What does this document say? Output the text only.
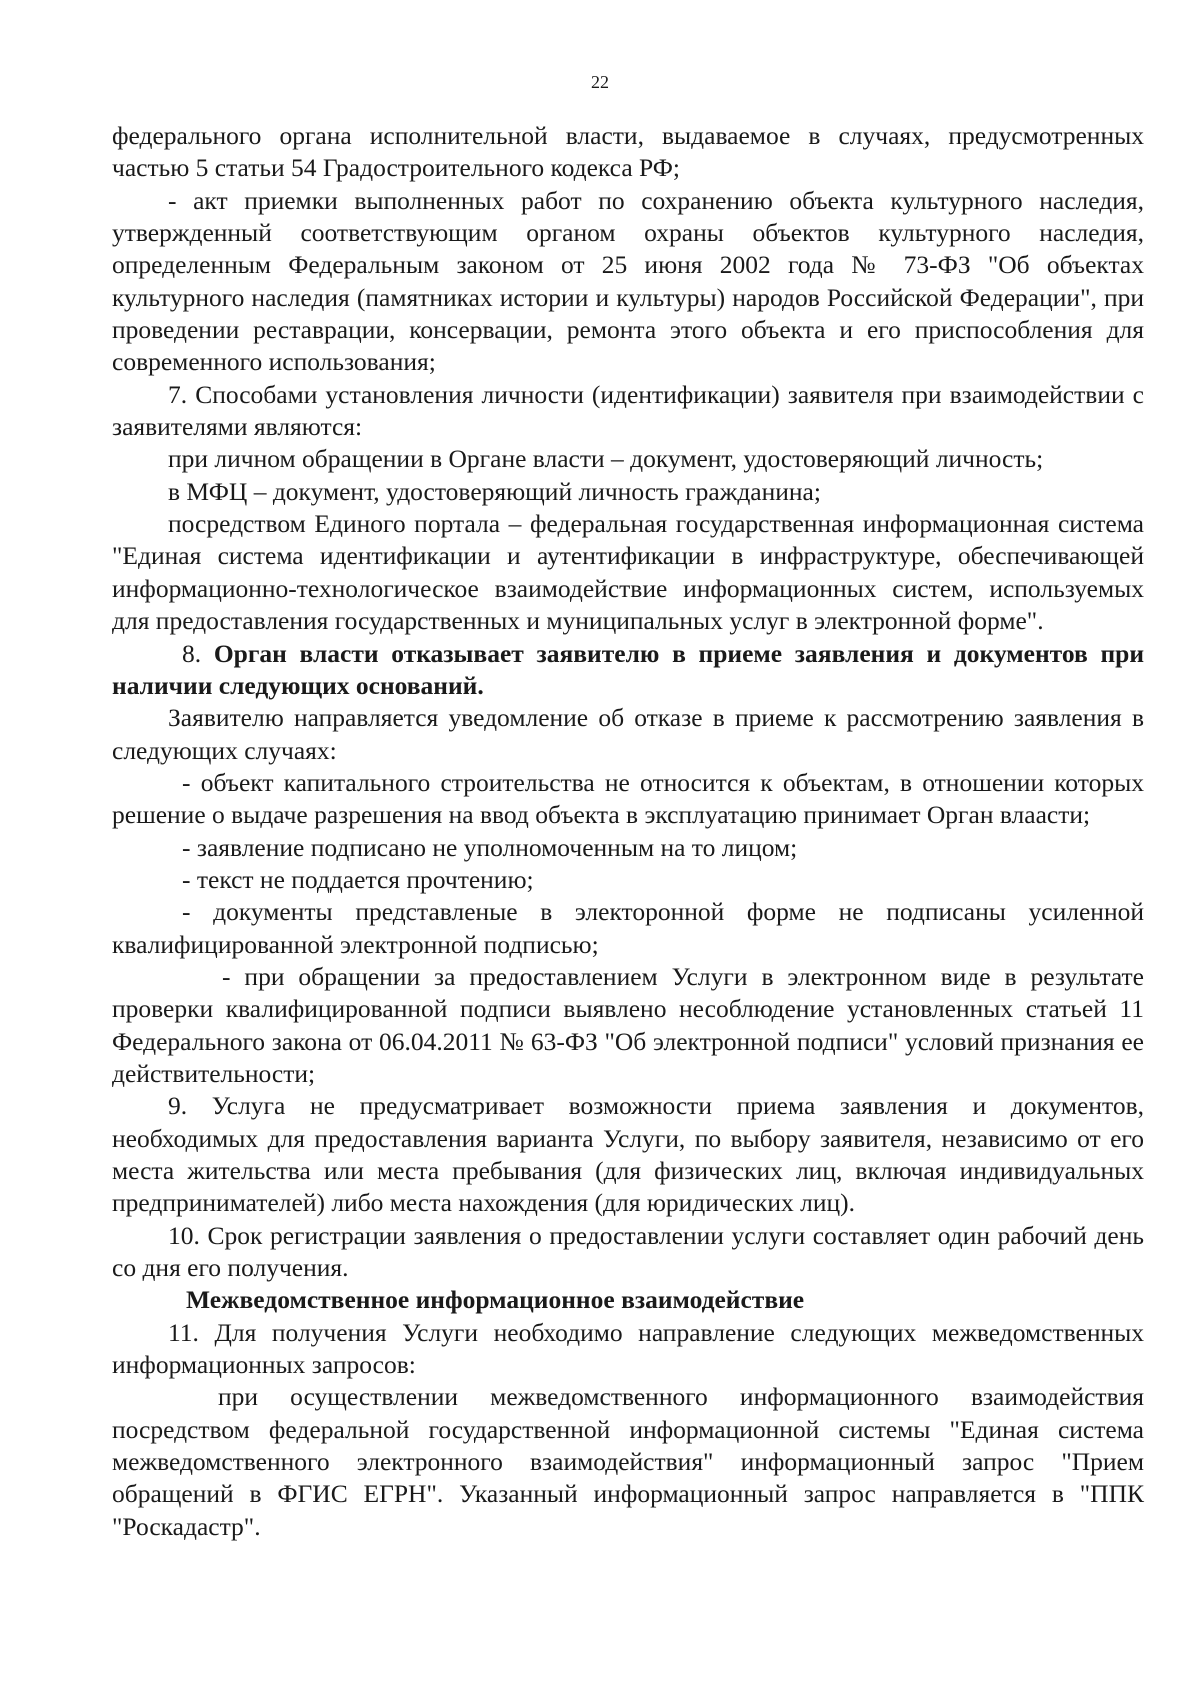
22

федерального органа исполнительной власти, выдаваемое в случаях, предусмотренных частью 5 статьи 54 Градостроительного кодекса РФ;

- акт приемки выполненных работ по сохранению объекта культурного наследия, утвержденный соответствующим органом охраны объектов культурного наследия, определенным Федеральным законом от 25 июня 2002 года № 73-ФЗ "Об объектах культурного наследия (памятниках истории и культуры) народов Российской Федерации", при проведении реставрации, консервации, ремонта этого объекта и его приспособления для современного использования;

7. Способами установления личности (идентификации) заявителя при взаимодействии с заявителями являются:

при личном обращении в Органе власти – документ, удостоверяющий личность;

в МФЦ – документ, удостоверяющий личность гражданина;

посредством Единого портала – федеральная государственная информационная система "Единая система идентификации и аутентификации в инфраструктуре, обеспечивающей информационно-технологическое взаимодействие информационных систем, используемых для предоставления государственных и муниципальных услуг в электронной форме".

8. Орган власти отказывает заявителю в приеме заявления и документов при наличии следующих оснований.

Заявителю направляется уведомление об отказе в приеме к рассмотрению заявления в следующих случаях:

- объект капитального строительства не относится к объектам, в отношении которых решение о выдаче разрешения на ввод объекта в эксплуатацию принимает Орган влаасти;

- заявление подписано не уполномоченным на то лицом;

- текст не поддается прочтению;

- документы представленые в электоронной форме не подписаны усиленной квалифицированной электронной подписью;

- при обращении за предоставлением Услуги в электронном виде в результате проверки квалифицированной подписи выявлено несоблюдение установленных статьей 11 Федерального закона от 06.04.2011 № 63-ФЗ "Об электронной подписи" условий признания ее действительности;

9. Услуга не предусматривает возможности приема заявления и документов, необходимых для предоставления варианта Услуги, по выбору заявителя, независимо от его места жительства или места пребывания (для физических лиц, включая индивидуальных предпринимателей) либо места нахождения (для юридических лиц).

10. Срок регистрации заявления о предоставлении услуги составляет один рабочий день со дня его получения.

Межведомственное информационное взаимодействие

11. Для получения Услуги необходимо направление следующих межведомственных информационных запросов:

при осуществлении межведомственного информационного взаимодействия посредством федеральной государственной информационной системы "Единая система межведомственного электронного взаимодействия" информационный запрос "Прием обращений в ФГИС ЕГРН". Указанный информационный запрос направляется в "ППК "Роскадастр".
